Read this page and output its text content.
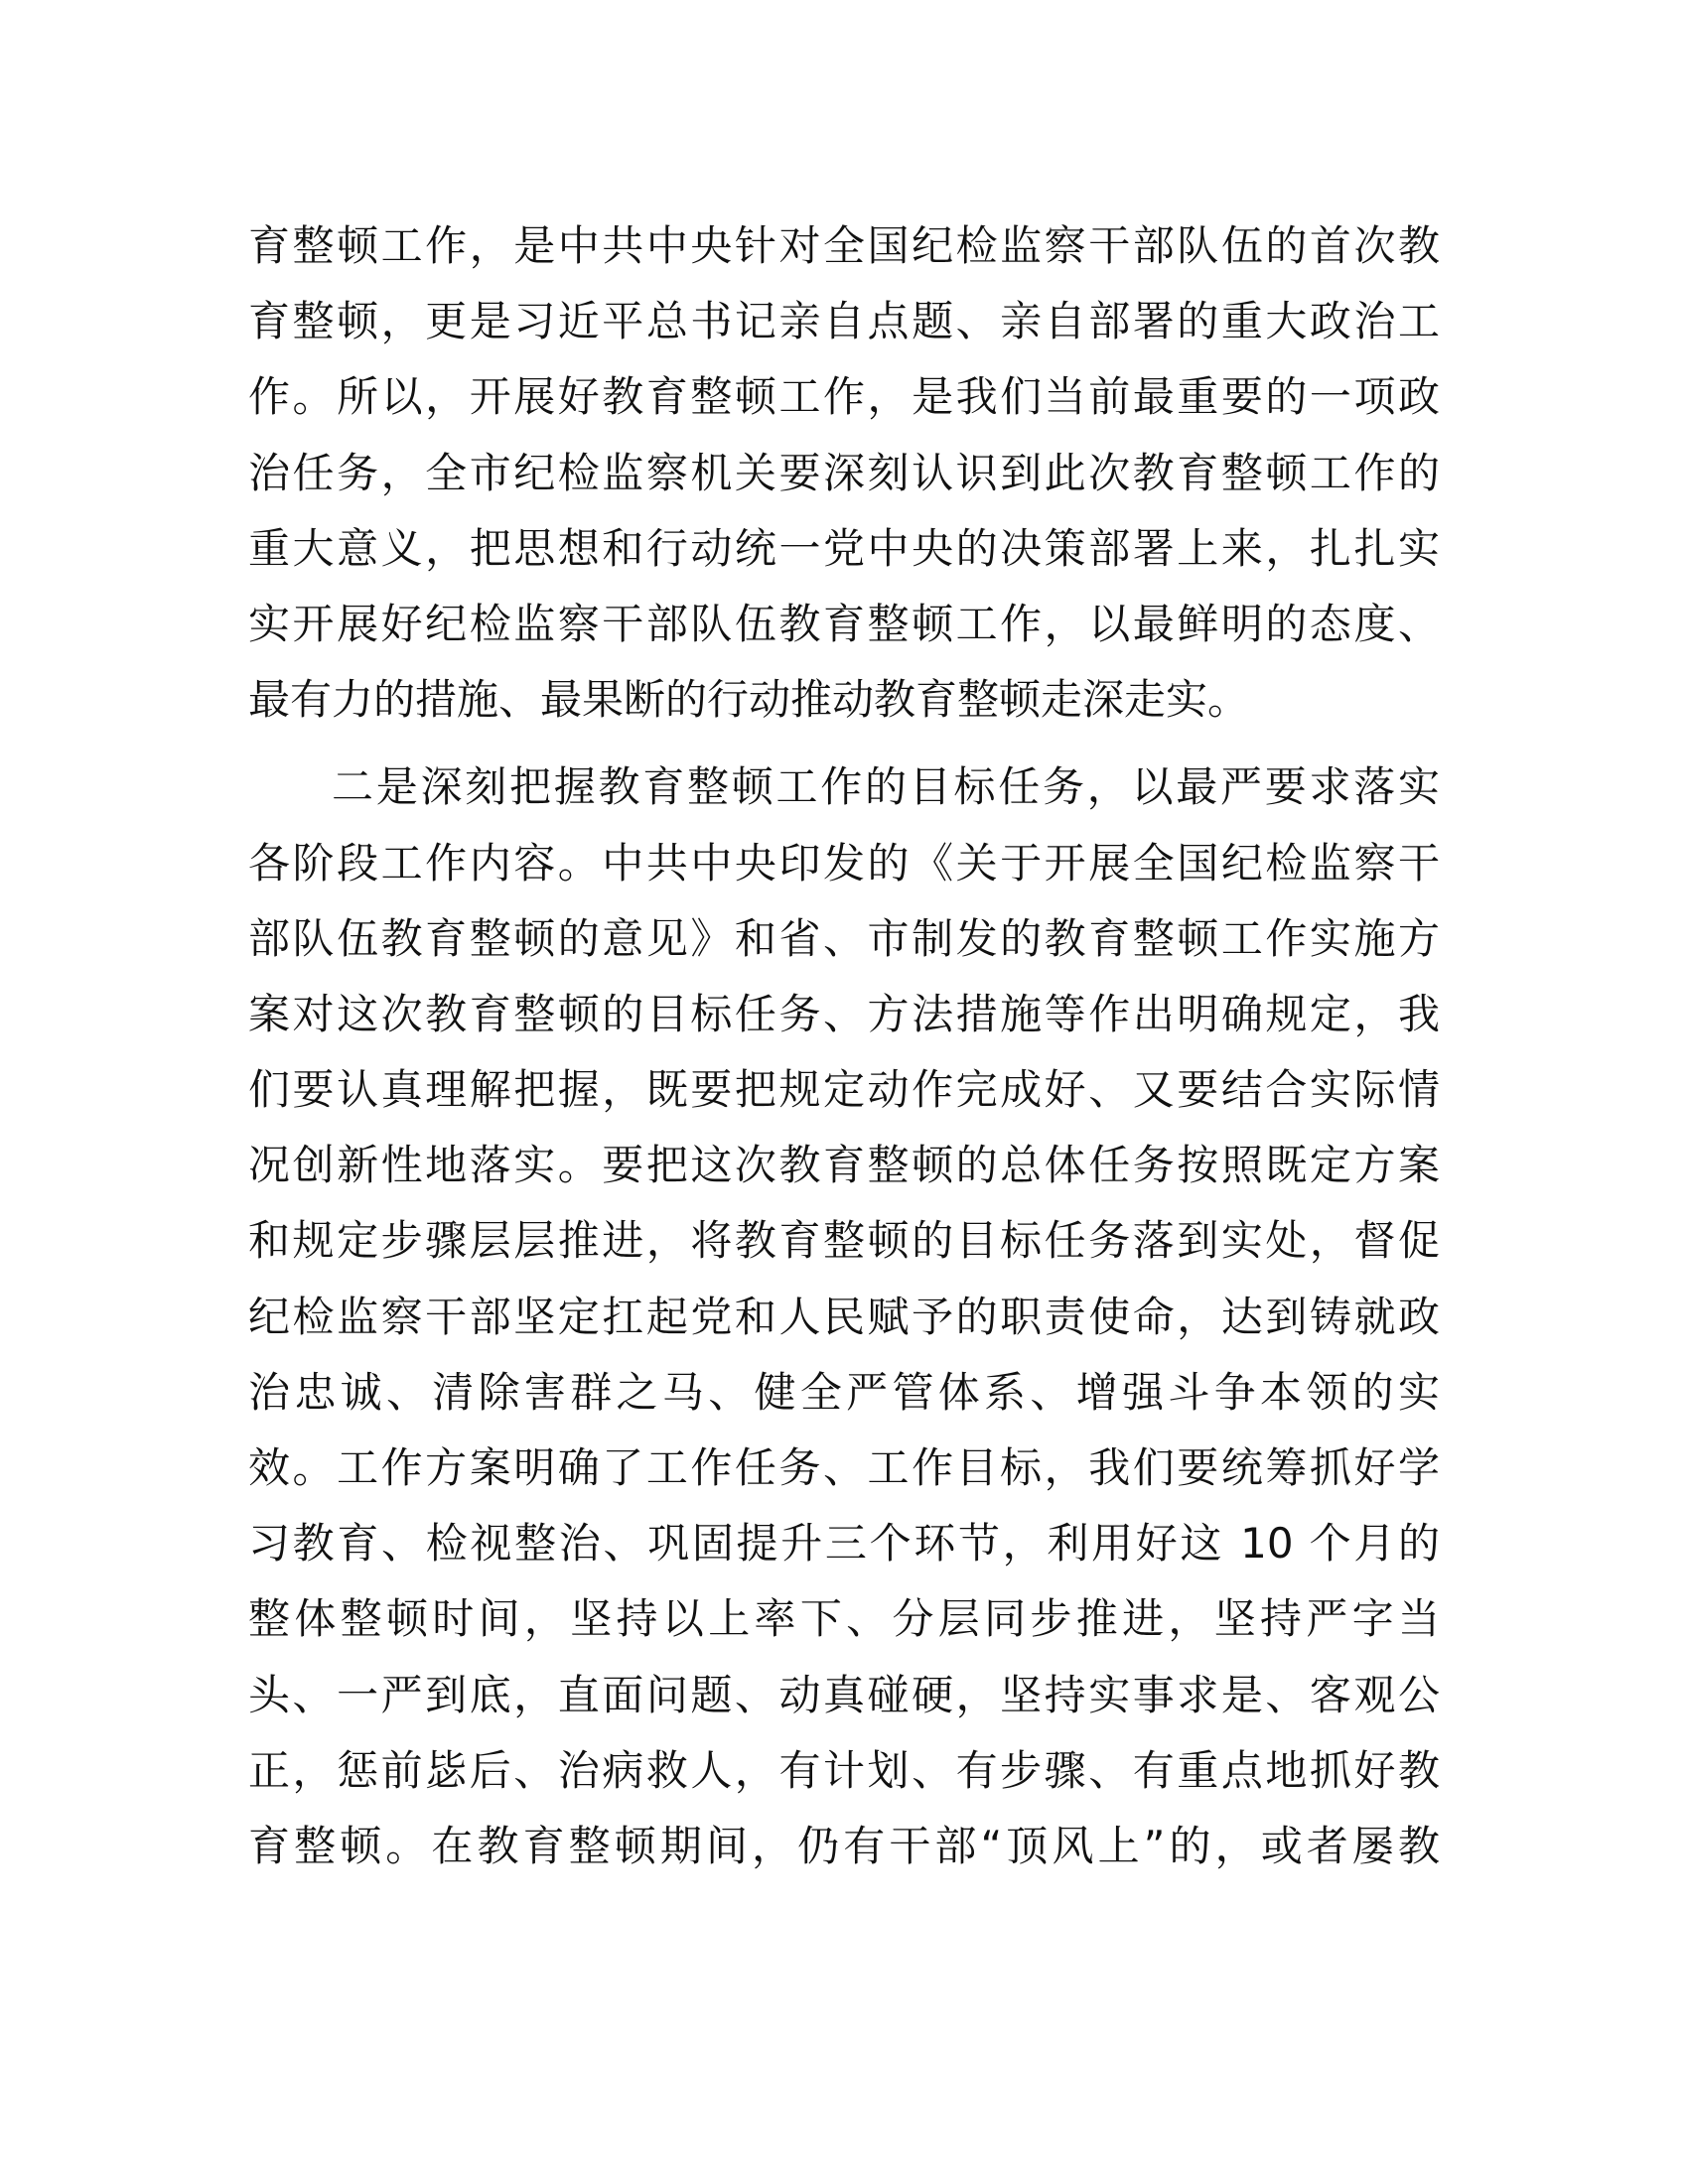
育整顿工作，是中共中央针对全国纪检监察干部队伍的首次教
育整顿，更是习近平总书记亲自点题、亲自部署的重大政治工
作。所以，开展好教育整顿工作，是我们当前最重要的一项政
治任务，全市纪检监察机关要深刻认识到此次教育整顿工作的
重大意义，把思想和行动统一党中央的决策部署上来，扎扎实
实开展好纪检监察干部队伍教育整顿工作，以最鲜明的态度、
最有力的措施、最果断的行动推动教育整顿走深走实。
二是深刻把握教育整顿工作的目标任务，以最严要求落实
各阶段工作内容。中共中央印发的《关于开展全国纪检监察干
部队伍教育整顿的意见》和省、市制发的教育整顿工作实施方
案对这次教育整顿的目标任务、方法措施等作出明确规定，我
们要认真理解把握，既要把规定动作完成好、又要结合实际情
况创新性地落实。要把这次教育整顿的总体任务按照既定方案
和规定步骤层层推进，将教育整顿的目标任务落到实处，督促
纪检监察干部坚定扛起党和人民赋予的职责使命，达到铸就政
治忠诚、清除害群之马、健全严管体系、增强斗争本领的实
效。工作方案明确了工作任务、工作目标，我们要统筹抓好学
习教育、检视整治、巩固提升三个环节，利用好这 10 个月的
整体整顿时间，坚持以上率下、分层同步推进，坚持严字当
头、一严到底，直面问题、动真碰硬，坚持实事求是、客观公
正，惩前毖后、治病救人，有计划、有步骤、有重点地抓好教
育整顿。在教育整顿期间，仍有干部“顶风上”的，或者屡教
